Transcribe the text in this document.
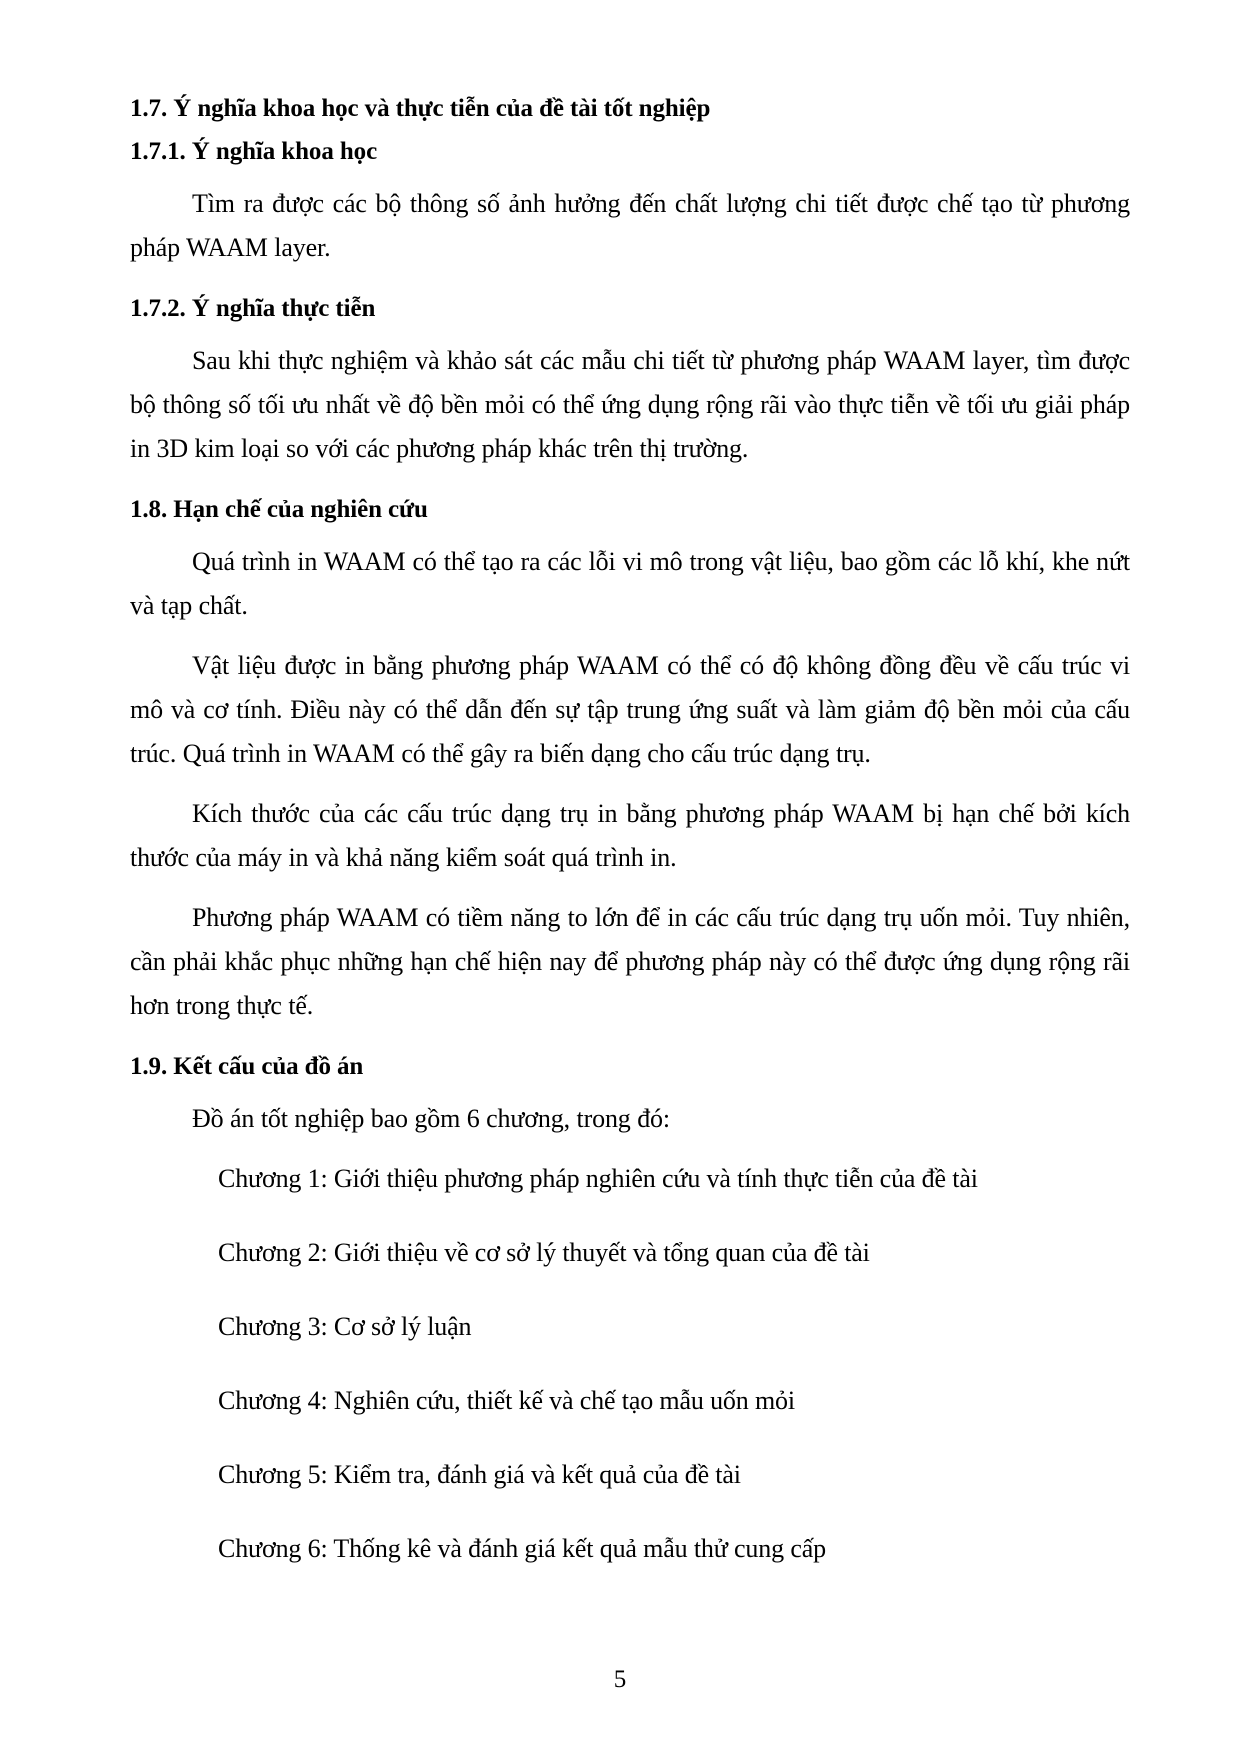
1.7. Ý nghĩa khoa học và thực tiễn của đề tài tốt nghiệp
1.7.1. Ý nghĩa khoa học

Tìm ra được các bộ thông số ảnh hưởng đến chất lượng chi tiết được chế tạo từ phương pháp WAAM layer.

1.7.2. Ý nghĩa thực tiễn

Sau khi thực nghiệm và khảo sát các mẫu chi tiết từ phương pháp WAAM layer, tìm được bộ thông số tối ưu nhất về độ bền mỏi có thể ứng dụng rộng rãi vào thực tiễn về tối ưu giải pháp in 3D kim loại so với các phương pháp khác trên thị trường.

1.8. Hạn chế của nghiên cứu

Quá trình in WAAM có thể tạo ra các lỗi vi mô trong vật liệu, bao gồm các lỗ khí, khe nứt và tạp chất.

Vật liệu được in bằng phương pháp WAAM có thể có độ không đồng đều về cấu trúc vi mô và cơ tính. Điều này có thể dẫn đến sự tập trung ứng suất và làm giảm độ bền mỏi của cấu trúc. Quá trình in WAAM có thể gây ra biến dạng cho cấu trúc dạng trụ.

Kích thước của các cấu trúc dạng trụ in bằng phương pháp WAAM bị hạn chế bởi kích thước của máy in và khả năng kiểm soát quá trình in.

Phương pháp WAAM có tiềm năng to lớn để in các cấu trúc dạng trụ uốn mỏi. Tuy nhiên, cần phải khắc phục những hạn chế hiện nay để phương pháp này có thể được ứng dụng rộng rãi hơn trong thực tế.

1.9. Kết cấu của đồ án

Đồ án tốt nghiệp bao gồm 6 chương, trong đó:

Chương 1: Giới thiệu phương pháp nghiên cứu và tính thực tiễn của đề tài
Chương 2: Giới thiệu về cơ sở lý thuyết và tổng quan của đề tài
Chương 3: Cơ sở lý luận
Chương 4: Nghiên cứu, thiết kế và chế tạo mẫu uốn mỏi
Chương 5: Kiểm tra, đánh giá và kết quả của đề tài
Chương 6: Thống kê và đánh giá kết quả mẫu thử cung cấp
5
